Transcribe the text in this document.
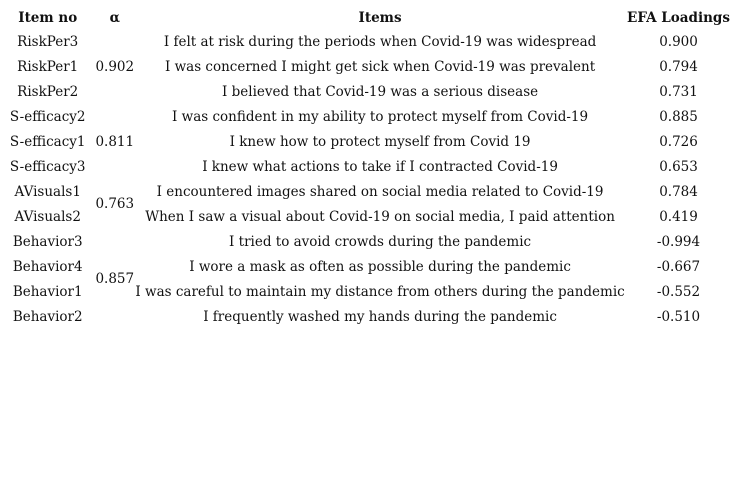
Item no	α	Items	EFA Loadings
RiskPer3	0.902	I felt at risk during the periods when Covid-19 was widespread	0.900
RiskPer1		I was concerned I might get sick when Covid-19 was prevalent	0.794
RiskPer2		I believed that Covid-19 was a serious disease	0.731
S-efficacy2	0.811	I was confident in my ability to protect myself from Covid-19	0.885
S-efficacy1		I knew how to protect myself from Covid 19	0.726
S-efficacy3		I knew what actions to take if I contracted Covid-19	0.653
AVisuals1	0.763	I encountered images shared on social media related to Covid-19	0.784
AVisuals2		When I saw a visual about Covid-19 on social media, I paid attention	0.419
Behavior3	0.857	I tried to avoid crowds during the pandemic	-0.994
Behavior4		I wore a mask as often as possible during the pandemic	-0.667
Behavior1		I was careful to maintain my distance from others during the pandemic	-0.552
Behavior2		I frequently washed my hands during the pandemic	-0.510
